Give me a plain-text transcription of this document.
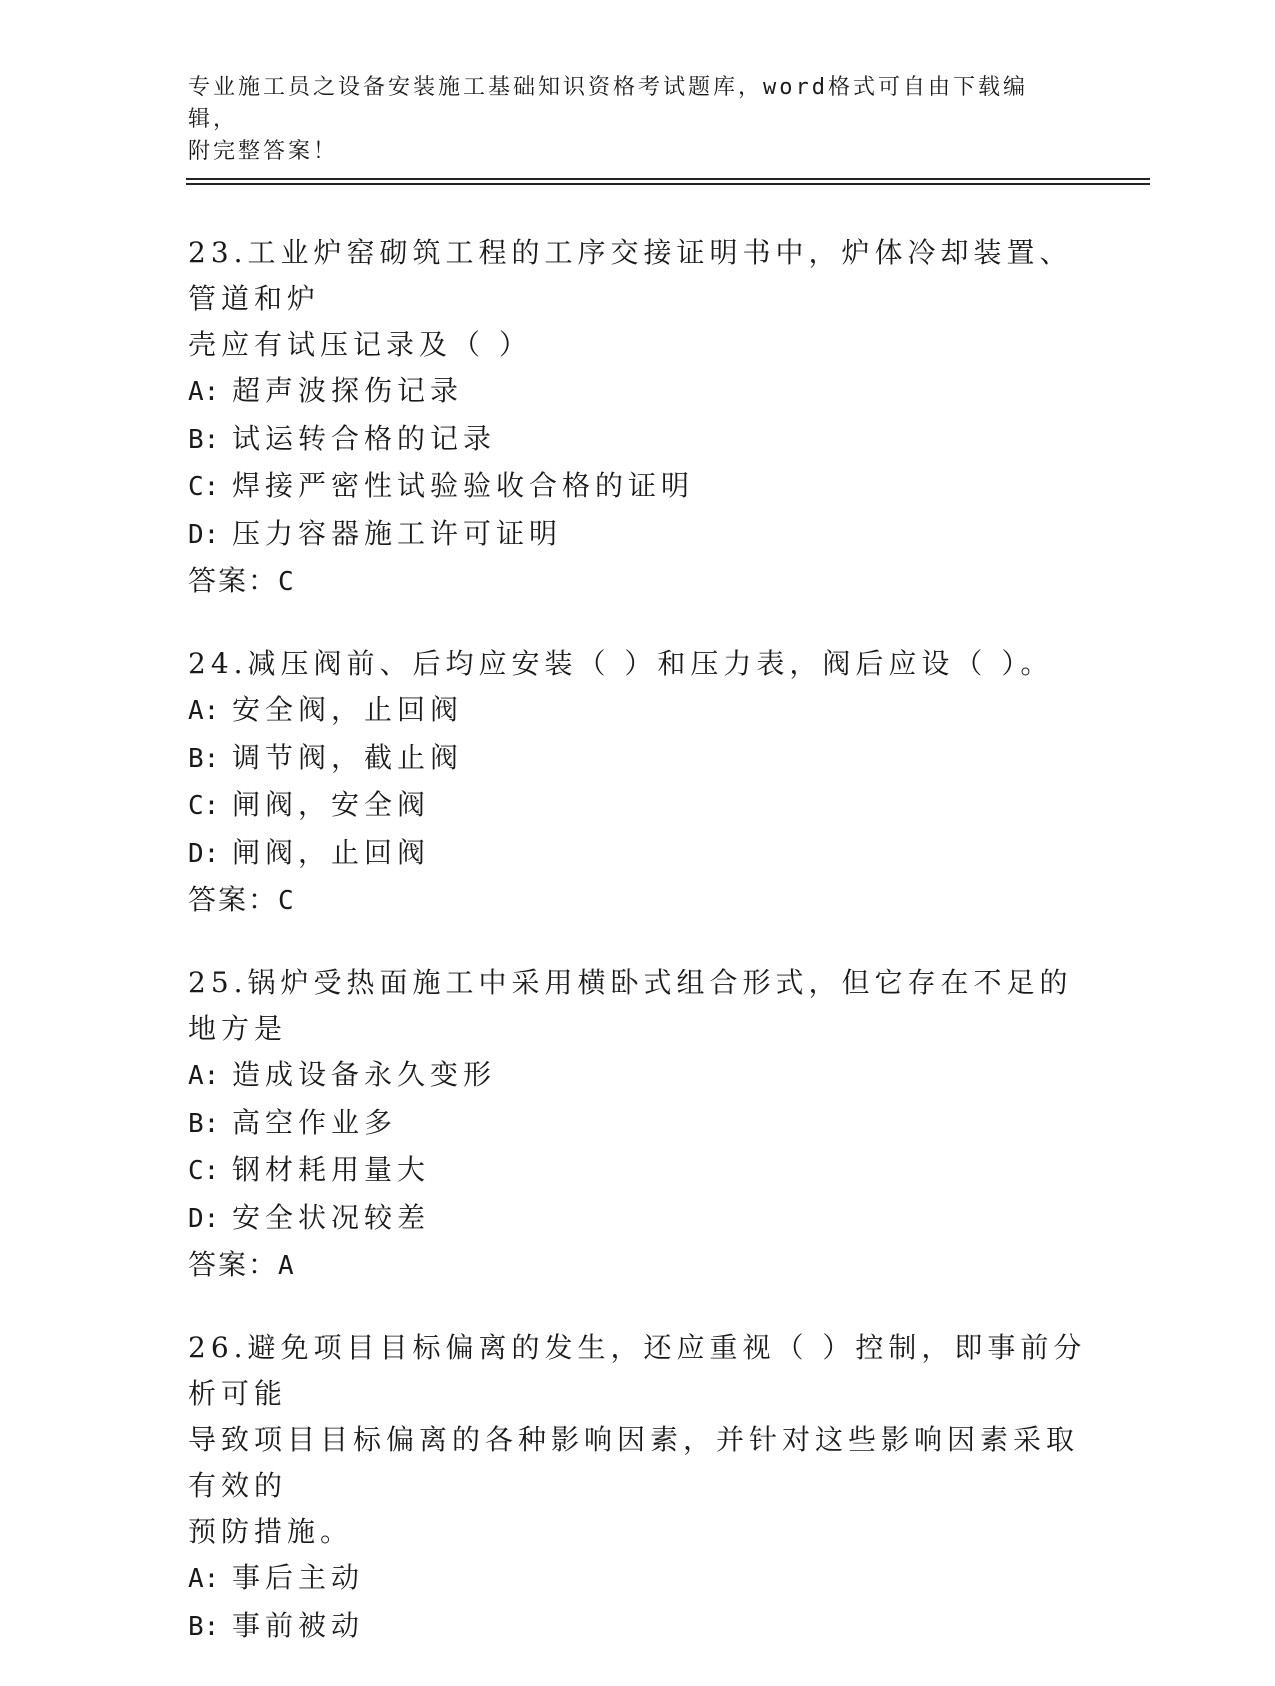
专业施工员之设备安装施工基础知识资格考试题库，word格式可自由下载编辑，
附完整答案！

23.工业炉窑砌筑工程的工序交接证明书中，炉体冷却装置、管道和炉

壳应有试压记录及（ ）

A: 超声波探伤记录

B: 试运转合格的记录

C: 焊接严密性试验验收合格的证明

D: 压力容器施工许可证明

答案：C

24.减压阀前、后均应安装（ ）和压力表，阀后应设（ ）。

A: 安全阀，止回阀

B: 调节阀，截止阀

C: 闸阀，安全阀

D: 闸阀，止回阀

答案：C

25.锅炉受热面施工中采用横卧式组合形式，但它存在不足的地方是

A: 造成设备永久变形

B: 高空作业多

C: 钢材耗用量大

D: 安全状况较差

答案：A

26.避免项目目标偏离的发生，还应重视（ ）控制，即事前分析可能

导致项目目标偏离的各种影响因素，并针对这些影响因素采取有效的

预防措施。

A: 事后主动

B: 事前被动
